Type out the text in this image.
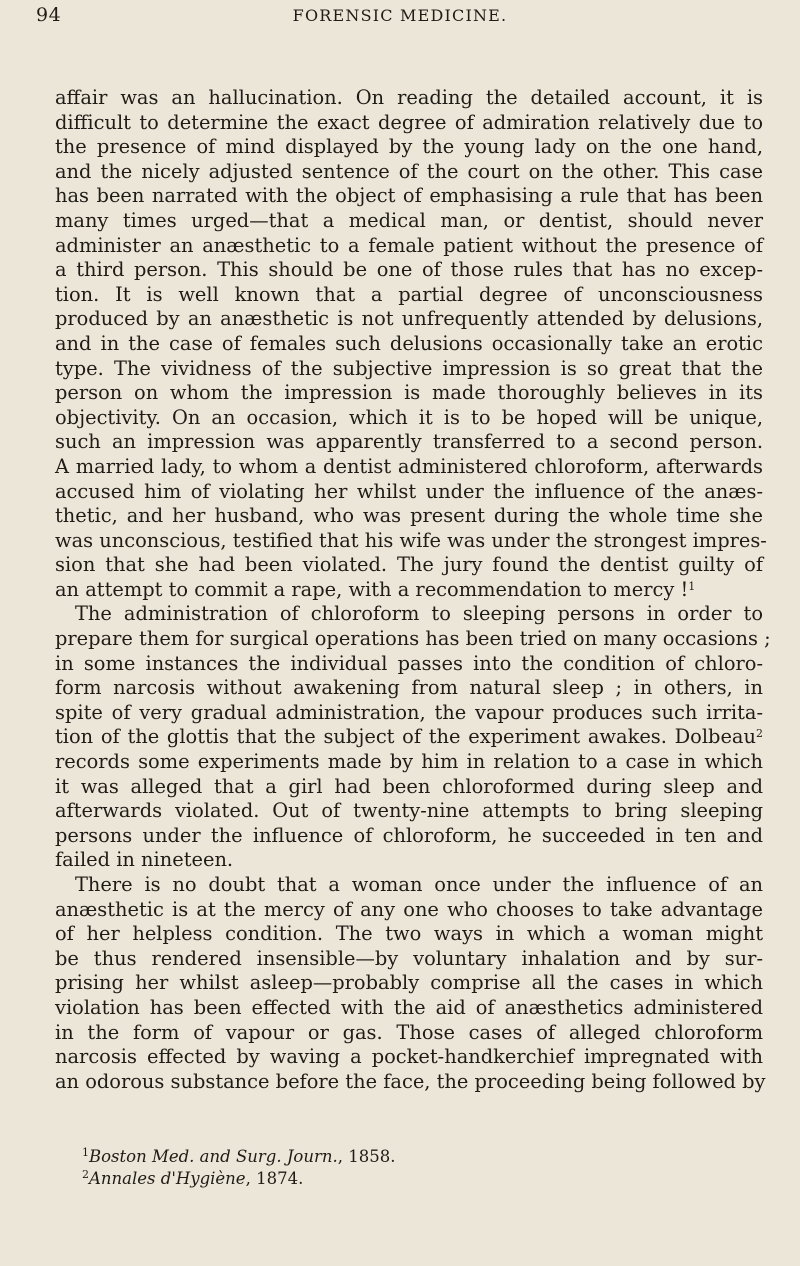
94	FORENSIC MEDICINE.
affair was an hallucination. On reading the detailed account, it is
difficult to determine the exact degree of admiration relatively due to
the presence of mind displayed by the young lady on the one hand,
and the nicely adjusted sentence of the court on the other. This case
has been narrated with the object of emphasising a rule that has been
many times urged—that a medical man, or dentist, should never
administer an anæsthetic to a female patient without the presence of
a third person. This should be one of those rules that has no excep-
tion. It is well known that a partial degree of unconsciousness
produced by an anæsthetic is not unfrequently attended by delusions,
and in the case of females such delusions occasionally take an erotic
type. The vividness of the subjective impression is so great that the
person on whom the impression is made thoroughly believes in its
objectivity. On an occasion, which it is to be hoped will be unique,
such an impression was apparently transferred to a second person.
A married lady, to whom a dentist administered chloroform, afterwards
accused him of violating her whilst under the influence of the anæs-
thetic, and her husband, who was present during the whole time she
was unconscious, testified that his wife was under the strongest impres-
sion that she had been violated. The jury found the dentist guilty of
an attempt to commit a rape, with a recommendation to mercy !$^1$
The administration of chloroform to sleeping persons in order to
prepare them for surgical operations has been tried on many occasions ;
in some instances the individual passes into the condition of chloro-
form narcosis without awakening from natural sleep ; in others, in
spite of very gradual administration, the vapour produces such irrita-
tion of the glottis that the subject of the experiment awakes. Dolbeau$^2$
records some experiments made by him in relation to a case in which
it was alleged that a girl had been chloroformed during sleep and
afterwards violated. Out of twenty-nine attempts to bring sleeping
persons under the influence of chloroform, he succeeded in ten and
failed in nineteen.
There is no doubt that a woman once under the influence of an
anæsthetic is at the mercy of any one who chooses to take advantage
of her helpless condition. The two ways in which a woman might
be thus rendered insensible—by voluntary inhalation and by sur-
prising her whilst asleep—probably comprise all the cases in which
violation has been effected with the aid of anæsthetics administered
in the form of vapour or gas. Those cases of alleged chloroform
narcosis effected by waving a pocket-handkerchief impregnated with
an odorous substance before the face, the proceeding being followed by
$^1$Boston Med. and Surg. Journ., 1858.
$^2$Annales d'Hygiène, 1874.
